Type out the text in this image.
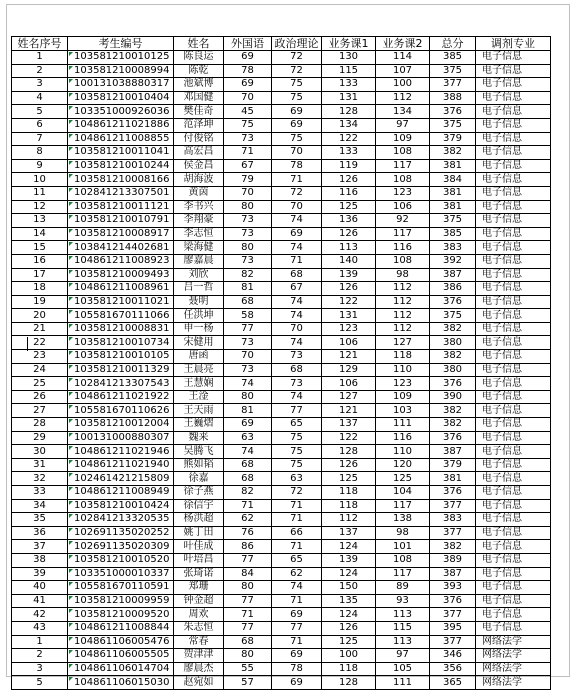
姓名序号	考生编号	姓名	外国语	政治理论	业务课1	业务课2	总分	调剂专业
1	103581210010125	陈良运	69	72	130	114	385	电子信息
2	103581210008994	陈乾	78	72	115	107	375	电子信息
3	100131038880317	池斌博	69	75	133	100	377	电子信息
4	103581210010404	邓国健	70	75	131	112	388	电子信息
5	103351000926036	樊佳奇	45	69	128	134	376	电子信息
6	104861211021886	范泽坤	75	69	134	97	375	电子信息
7	104861211008855	付俊铭	73	75	122	109	379	电子信息
8	103581210011041	高宏昌	71	70	133	108	382	电子信息
9	103581210010244	侯金昌	67	78	119	117	381	电子信息
10	103581210008166	胡海波	79	71	126	108	384	电子信息
11	102841213307501	黄茵	70	72	116	123	381	电子信息
12	103581210011121	李书兴	80	70	125	106	381	电子信息
13	103581210010791	李翔豪	73	74	136	92	375	电子信息
14	103581210008917	李志恒	73	69	126	117	385	电子信息
15	103841214402681	梁海健	80	74	113	116	383	电子信息
16	104861211008923	廖嘉晨	73	71	140	108	392	电子信息
17	103581210009493	刘欣	82	68	139	98	387	电子信息
18	104861211008961	吕一哲	81	67	126	112	386	电子信息
19	103581210011021	聂明	68	74	122	112	376	电子信息
20	105581670111066	任洪坤	58	74	131	112	375	电子信息
21	103581210008831	申一杨	77	70	123	112	382	电子信息
22	103581210010734	宋健用	73	74	106	127	380	电子信息
23	103581210010105	唐函	70	73	121	118	382	电子信息
24	103581210011329	王晨亮	73	68	129	110	380	电子信息
25	102841213307543	王慧娴	74	73	106	123	376	电子信息
26	104861211021922	王淦	80	74	127	109	390	电子信息
27	105581670110626	王天雨	81	77	121	103	382	电子信息
28	103581210012004	王巍熠	69	65	137	111	382	电子信息
29	100131000880307	魏来	63	75	122	116	376	电子信息
30	104861211021946	吴腾飞	74	75	128	110	387	电子信息
31	104861211021940	熊如韬	68	75	126	120	379	电子信息
32	102461421215809	徐嘉	68	63	125	125	381	电子信息
33	104861211008949	徐子燕	82	72	118	104	376	电子信息
34	103581210010424	徐信宇	71	71	118	117	377	电子信息
35	102841213320535	杨洪超	62	71	112	138	383	电子信息
36	102691135020252	姚丁田	76	66	137	98	377	电子信息
37	102691135020309	叶佳成	86	71	124	101	382	电子信息
38	103581210010520	叶培昌	77	65	139	108	389	电子信息
39	103351000010337	张琦诺	84	62	124	117	387	电子信息
40	105581670110591	郑珊	80	74	150	89	393	电子信息
41	103581210009959	钟金超	77	71	135	93	376	电子信息
42	103581210009520	周欢	71	69	124	113	377	电子信息
43	104861211008844	朱志恒	77	77	126	115	395	电子信息
1	104861106005476	常春	68	71	125	113	377	网络法学
2	104861106005505	贺津津	80	69	100	97	346	网络法学
3	104861106014704	廖晨杰	55	78	118	105	356	网络法学
5	104861106015030	赵宛如	57	69	128	111	365	网络法学
